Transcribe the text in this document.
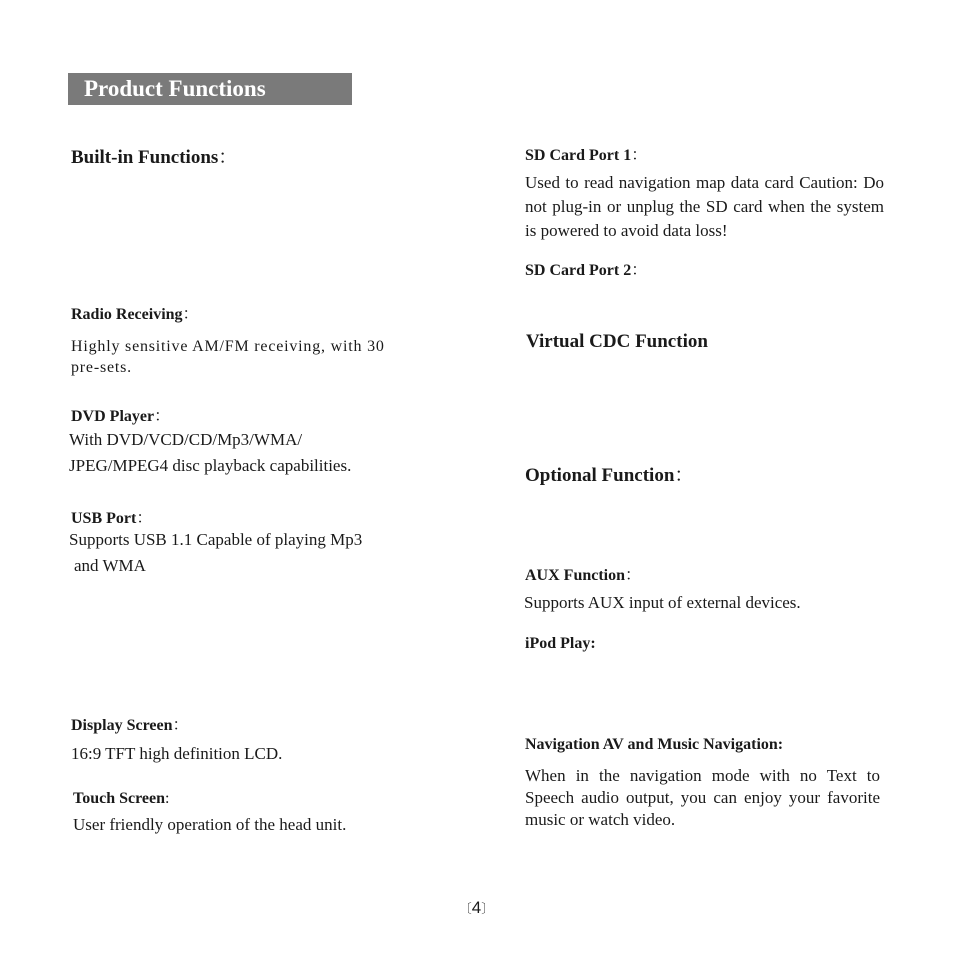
Product Functions
Built-in Functions：
Radio Receiving：
Highly sensitive AM/FM receiving, with 30 pre-sets.
DVD Player：
With DVD/VCD/CD/Mp3/WMA/
JPEG/MPEG4 disc playback capabilities.
USB Port：
Supports USB 1.1 Capable of playing Mp3
and WMA
Display Screen：
16:9 TFT high definition LCD.
Touch Screen:
User friendly operation of the head unit.
SD Card Port 1：
Used to read navigation map data card Caution: Do not plug-in or unplug the SD card when the system is powered to avoid data loss!
SD Card Port 2：
Virtual CDC Function
Optional Function：
AUX Function：
Supports AUX input of external devices.
iPod Play:
Navigation AV and Music Navigation:
When in the navigation mode with no Text to Speech audio output, you can enjoy your favorite music or watch video.
〔4〕
